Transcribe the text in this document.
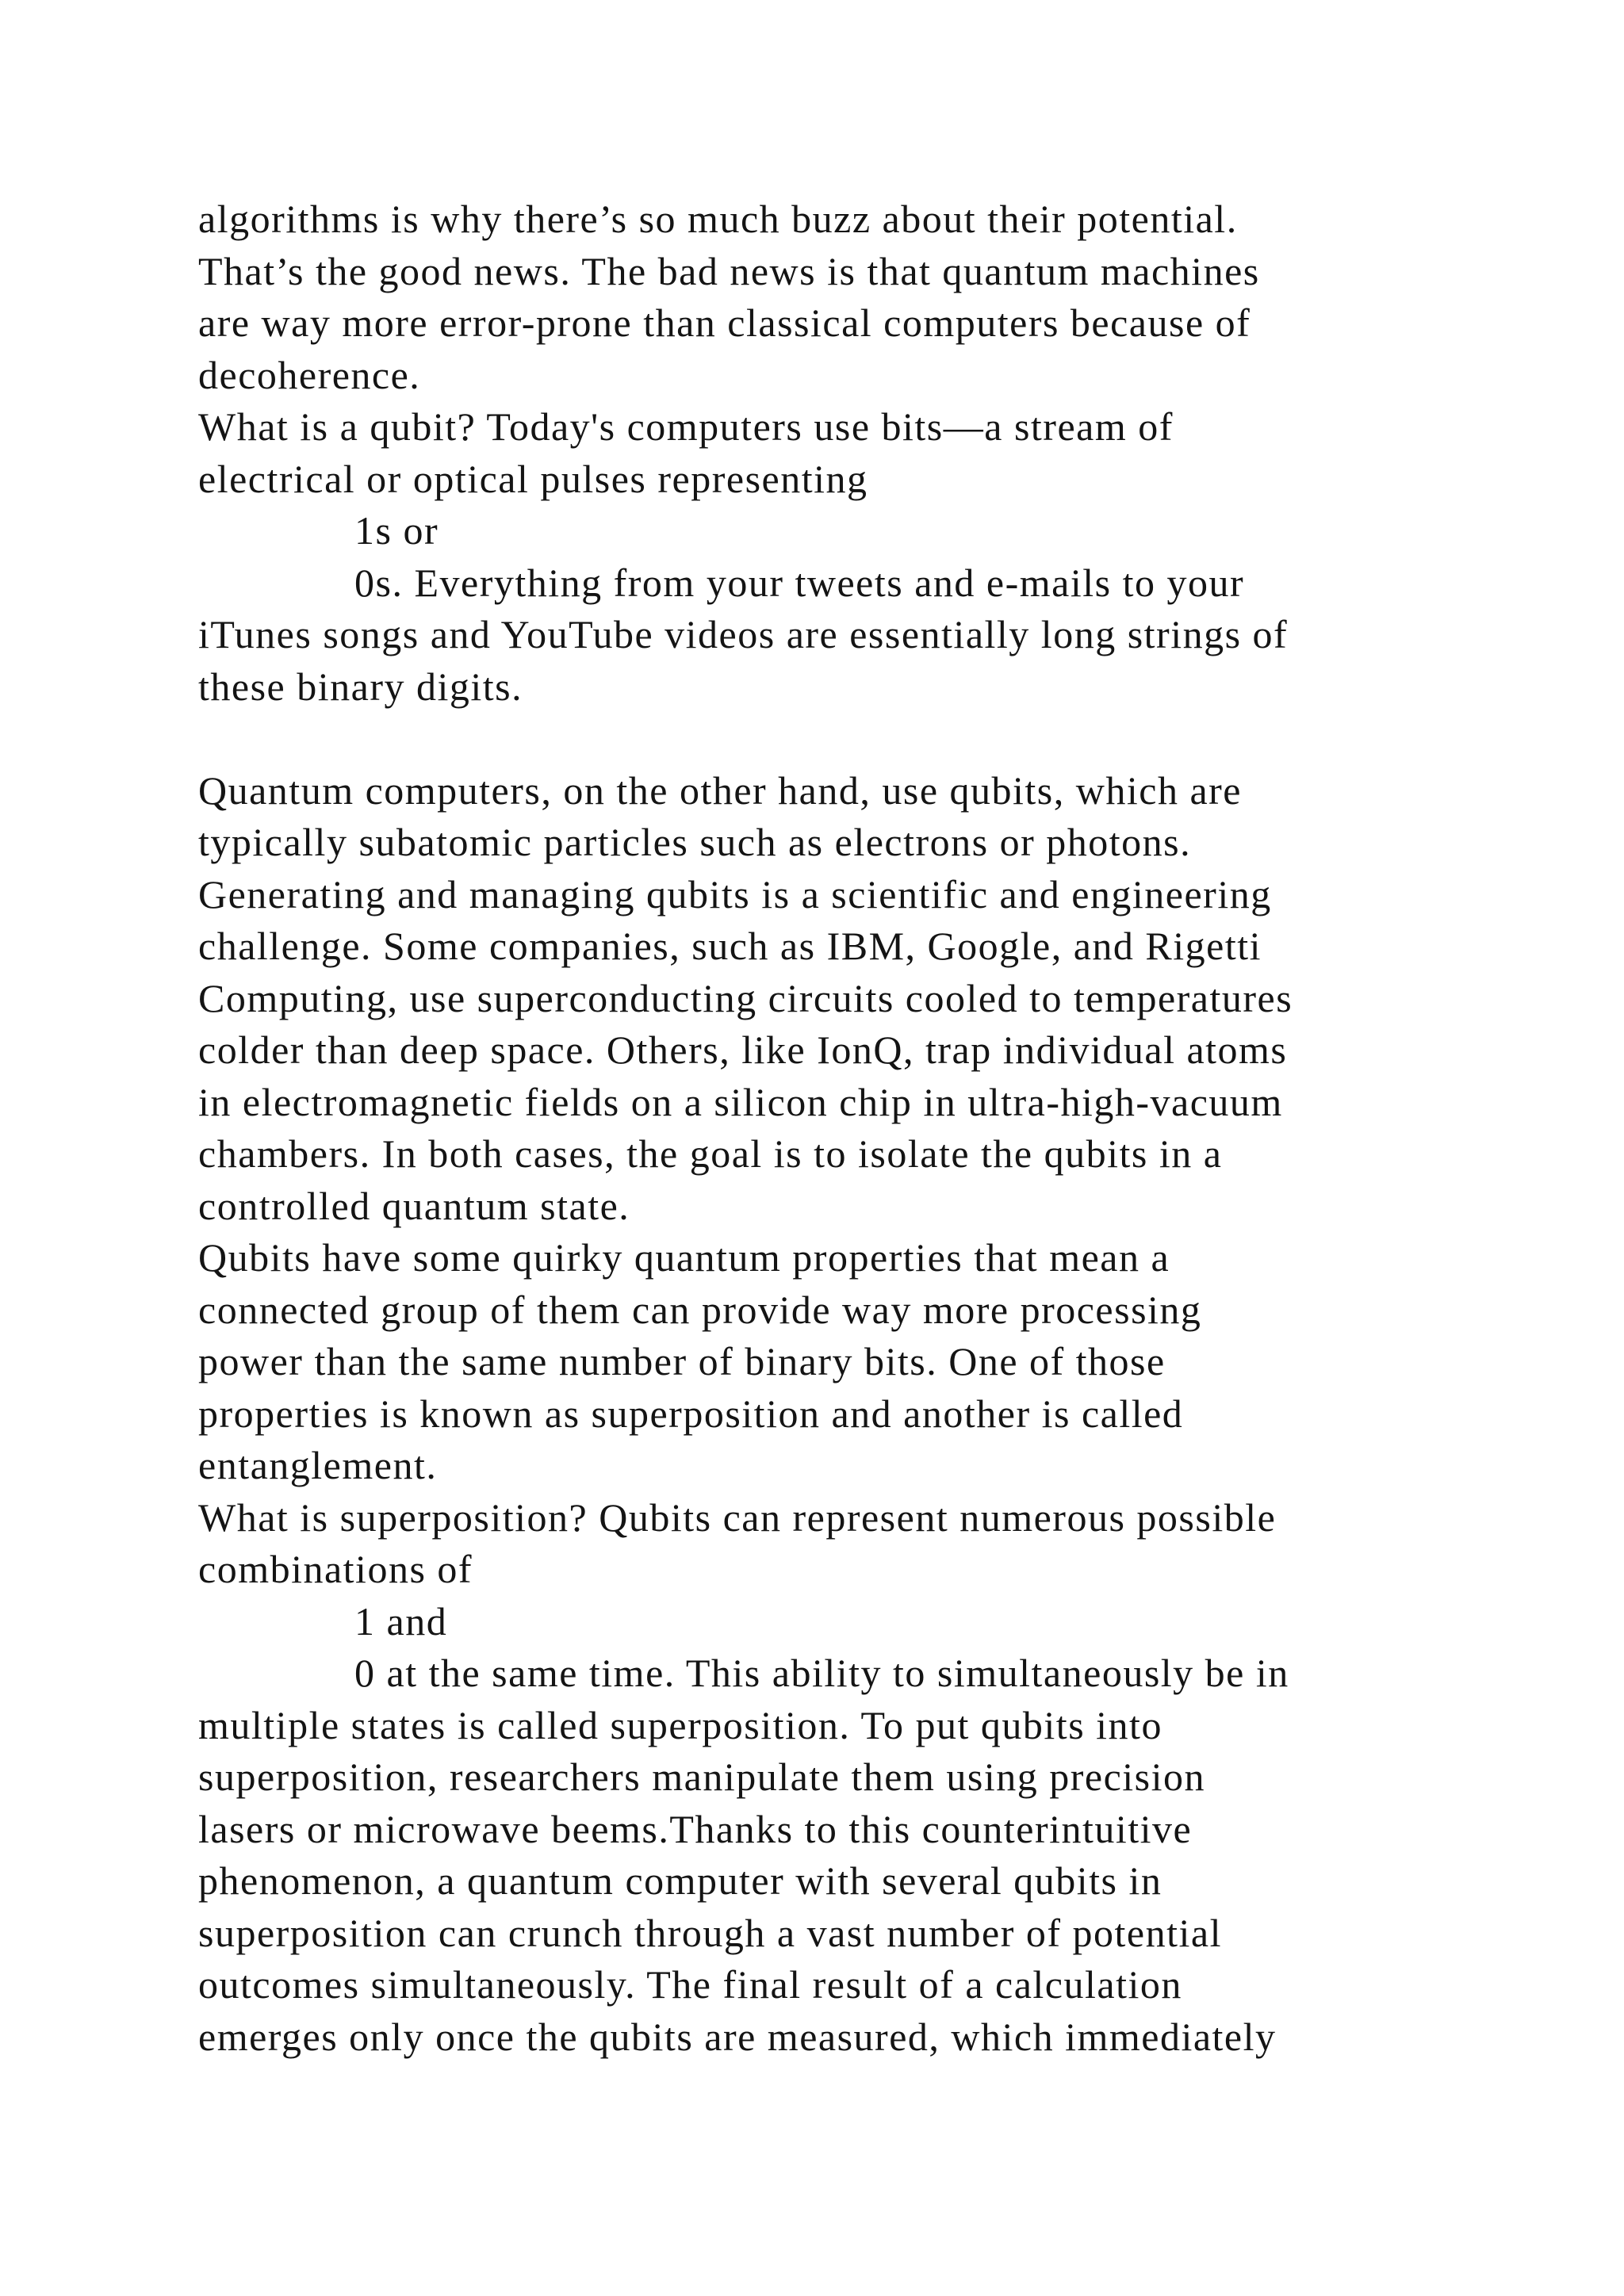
algorithms is why there’s so much buzz about their potential.
That’s the good news. The bad news is that quantum machines
are way more error-prone than classical computers because of
decoherence.
What is a qubit? Today's computers use bits—a stream of
electrical or optical pulses representing
1s or
0s. Everything from your tweets and e-mails to your
iTunes songs and YouTube videos are essentially long strings of
these binary digits.
Quantum computers, on the other hand, use qubits, which are
typically subatomic particles such as electrons or photons.
Generating and managing qubits is a scientific and engineering
challenge. Some companies, such as IBM, Google, and Rigetti
Computing, use superconducting circuits cooled to temperatures
colder than deep space. Others, like IonQ, trap individual atoms
in electromagnetic fields on a silicon chip in ultra-high-vacuum
chambers. In both cases, the goal is to isolate the qubits in a
controlled quantum state.
Qubits have some quirky quantum properties that mean a
connected group of them can provide way more processing
power than the same number of binary bits. One of those
properties is known as superposition and another is called
entanglement.
What is superposition? Qubits can represent numerous possible
combinations of
1 and
0 at the same time. This ability to simultaneously be in
multiple states is called superposition. To put qubits into
superposition, researchers manipulate them using precision
lasers or microwave beems.Thanks to this counterintuitive
phenomenon, a quantum computer with several qubits in
superposition can crunch through a vast number of potential
outcomes simultaneously. The final result of a calculation
emerges only once the qubits are measured, which immediately
